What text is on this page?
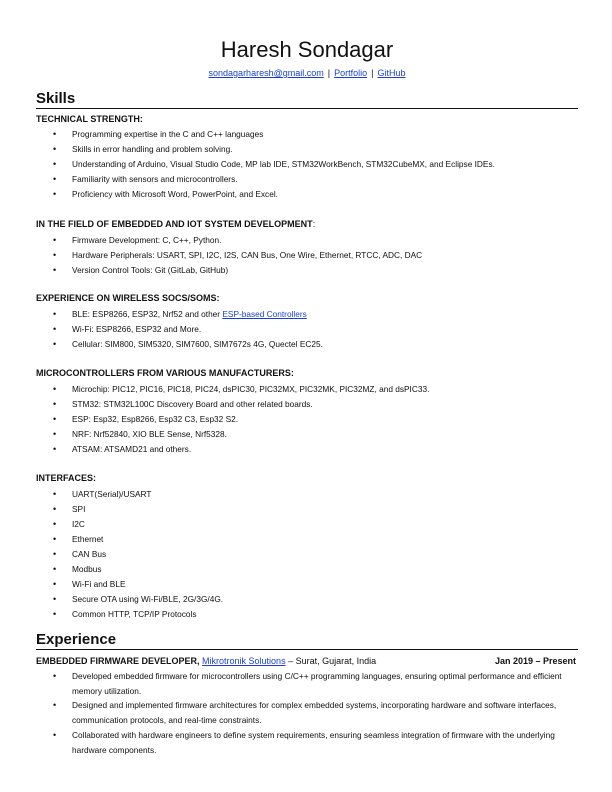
Haresh Sondagar
sondagarharesh@gmail.com | Portfolio | GitHub
Skills
TECHNICAL STRENGTH:
• Programming expertise in the C and C++ languages
• Skills in error handling and problem solving.
• Understanding of Arduino, Visual Studio Code, MP lab IDE, STM32WorkBench, STM32CubeMX, and Eclipse IDEs.
• Familiarity with sensors and microcontrollers.
• Proficiency with Microsoft Word, PowerPoint, and Excel.
IN THE FIELD OF EMBEDDED AND IOT SYSTEM DEVELOPMENT:
• Firmware Development: C, C++, Python.
• Hardware Peripherals: USART, SPI, I2C, I2S, CAN Bus, One Wire, Ethernet, RTCC, ADC, DAC
• Version Control Tools: Git (GitLab, GitHub)
EXPERIENCE ON WIRELESS SOCS/SOMS:
• BLE: ESP8266, ESP32, Nrf52 and other ESP-based Controllers
• Wi-Fi: ESP8266, ESP32 and More.
• Cellular: SIM800, SIM5320, SIM7600, SIM7672s 4G, Quectel EC25.
MICROCONTROLLERS FROM VARIOUS MANUFACTURERS:
• Microchip: PIC12, PIC16, PIC18, PIC24, dsPIC30, PIC32MX, PIC32MK, PIC32MZ, and dsPIC33.
• STM32: STM32L100C Discovery Board and other related boards.
• ESP: Esp32, Esp8266, Esp32 C3, Esp32 S2.
• NRF: Nrf52840, XIO BLE Sense, Nrf5328.
• ATSAM: ATSAMD21 and others.
INTERFACES:
• UART(Serial)/USART
• SPI
• I2C
• Ethernet
• CAN Bus
• Modbus
• Wi-Fi and BLE
• Secure OTA using Wi-Fi/BLE, 2G/3G/4G.
• Common HTTP, TCP/IP Protocols
Experience
EMBEDDED FIRMWARE DEVELOPER, Mikrotronik Solutions – Surat, Gujarat, India	Jan 2019 – Present
• Developed embedded firmware for microcontrollers using C/C++ programming languages, ensuring optimal performance and efficient memory utilization.
• Designed and implemented firmware architectures for complex embedded systems, incorporating hardware and software interfaces, communication protocols, and real-time constraints.
• Collaborated with hardware engineers to define system requirements, ensuring seamless integration of firmware with the underlying hardware components.
